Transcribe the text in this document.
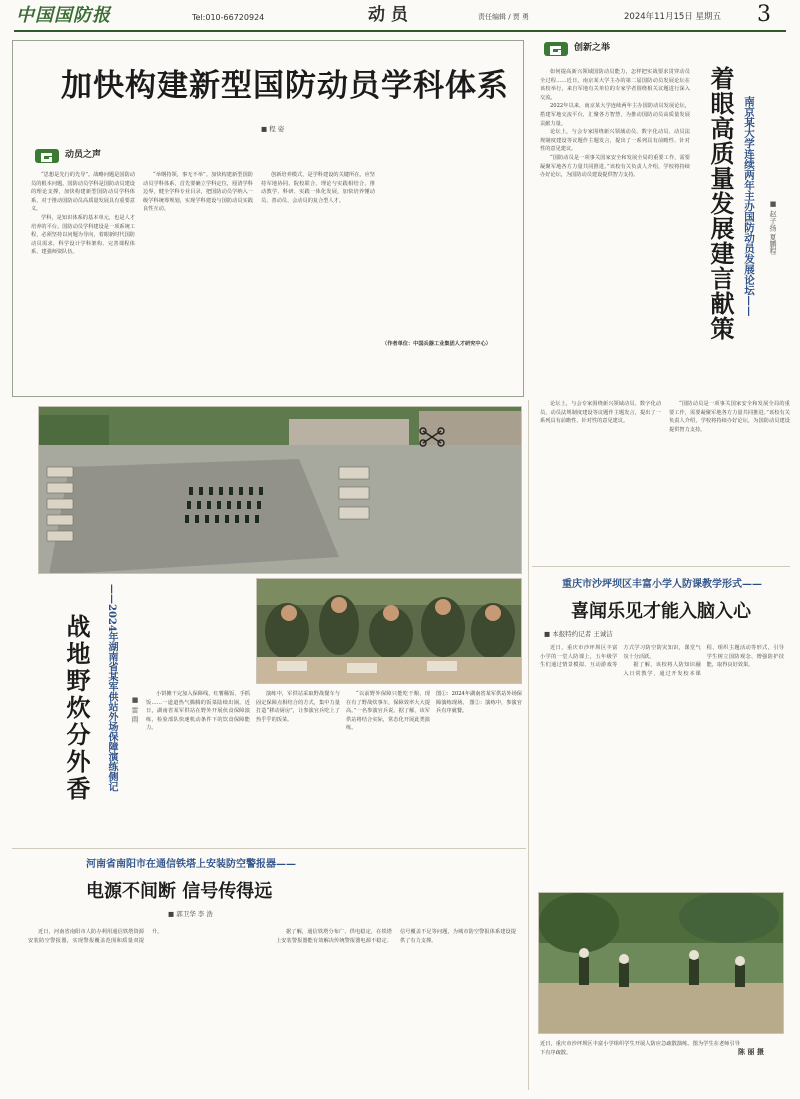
中国国防报	Tel:010-66720924	动 员	责任编辑 / 贾 勇	2024年11月15日 星期五 3
加快构建新型国防动员学科体系
■ 程 姿
动员之声

“思想是先行的先导”。战略问题是国防动员的根本问题。国防动员学科是国防动员建设的理论支撑，加快构建新型国防动员学科体系，对于推动国防动员高质量发展具有重要意义。

学科，是知识体系的基本单元，也是人才培养的平台。国防动员学科建设是一项系统工程，必须坚持以问题为导向，着眼新时代国防动员需求，科学设计学科架构、完善课程体系、建强师资队伍。

“举纲持领，事无不举”。加快构建新型国防动员学科体系，首先要确立学科定位，厘清学科边界，健全学科专业目录，把国防动员学纳入一级学科统筹规划，实现学科建设与国防动员实践良性互动。

创新培养模式，是学科建设的关键所在。应坚持军地协同、院校联合、理论与实践相结合，推动教学、科研、实践一体化发展，加快培养懂动员、善动员、会动员的复合型人才。

创新之举

如何提高新兴领域国防动员能力，怎样把实战要求贯穿动员全过程……近日，南京某大学主办的第二届国防动员发展论坛在该校举行，来自军地有关单位的专家学者围绕相关议题进行深入交流。

2022年以来，南京某大学连续两年主办国防动员发展论坛，搭建军地交流平台，汇聚各方智慧，为推动国防动员高质量发展贡献力量。

论坛上，与会专家围绕新兴领域动员、数字化动员、动员法规制度建设等议题作主题发言，提出了一系列具有前瞻性、针对性的意见建议。

“国防动员是一项事关国家安全和发展全局的重要工作，需要凝聚军地各方力量共同推进。”该校有关负责人介绍，学校将持续办好论坛，为国防动员建设提供智力支持。	着眼高质量发展建言献策 南京某大学连续两年主办国防动员发展论坛——	■ 赵子扬 夏鹏程
（作者单位：中国兵器工业集团人才研究中心）
战地野炊分外香	——2024年湖南省某军供站外场保障演练侧记	■ 雷 雨

小饼摊干完加入保障线，红薯稀饭、手抓饭……一道道热气腾腾的饭菜陆续出锅。近日，湖南省某军供站在野外开展伙食保障演练，检验部队快速机动条件下的饮食保障能力。

演练中，军供站采取野战餐车与固定保障点相结合的方式，集中力量打造“移动厨房”，让参演官兵吃上了热乎乎的饭菜。

“以前野外保障只能吃干粮，现在有了野战炊事车，保障效率大大提高。”一名参演官兵说。据了解，该军供站将结合实际，常态化开展此类演练。

图①：2024年湖南省某军供站外场保障演练现场。 图②：演练中，参演官兵有序就餐。

论坛上，与会专家围绕新兴领域动员、数字化动员、动员法规制度建设等议题作主题发言，提出了一系列具有前瞻性、针对性的意见建议。

“国防动员是一项事关国家安全和发展全局的重要工作，需要凝聚军地各方力量共同推进。”该校有关负责人介绍，学校将持续办好论坛，为国防动员建设提供智力支持。

重庆市沙坪坝区丰富小学人防课教学形式——
喜闻乐见才能入脑入心
■ 本报特约记者 王诚洁

近日，重庆市沙坪坝区丰富小学的一堂人防课上，五年级学生们通过情景模拟、互动游戏等方式学习防空防灾知识，课堂气氛十分活跃。

据了解，该校将人防知识融入日常教学，通过开发校本课程、组织主题活动等形式，引导学生树立国防观念、增强防护技能，取得良好效果。

近日，重庆市沙坪坝区丰富小学组织学生开展人防应急疏散演练。图为学生在老师引导下有序疏散。	陈 丽 摄
河南省南阳市在通信铁塔上安装防空警报器——
电源不间断 信号传得远
■ 郭卫华 李 浩

近日，河南省南阳市人防办利用通信铁塔资源安装防空警报器，实现警报覆盖范围和质量双提升。	据了解，通信铁塔分布广、供电稳定，在铁塔上安装警报器能有效解决传统警报器电源不稳定、信号覆盖不足等问题，为城市防空警报体系建设提供了有力支撑。
